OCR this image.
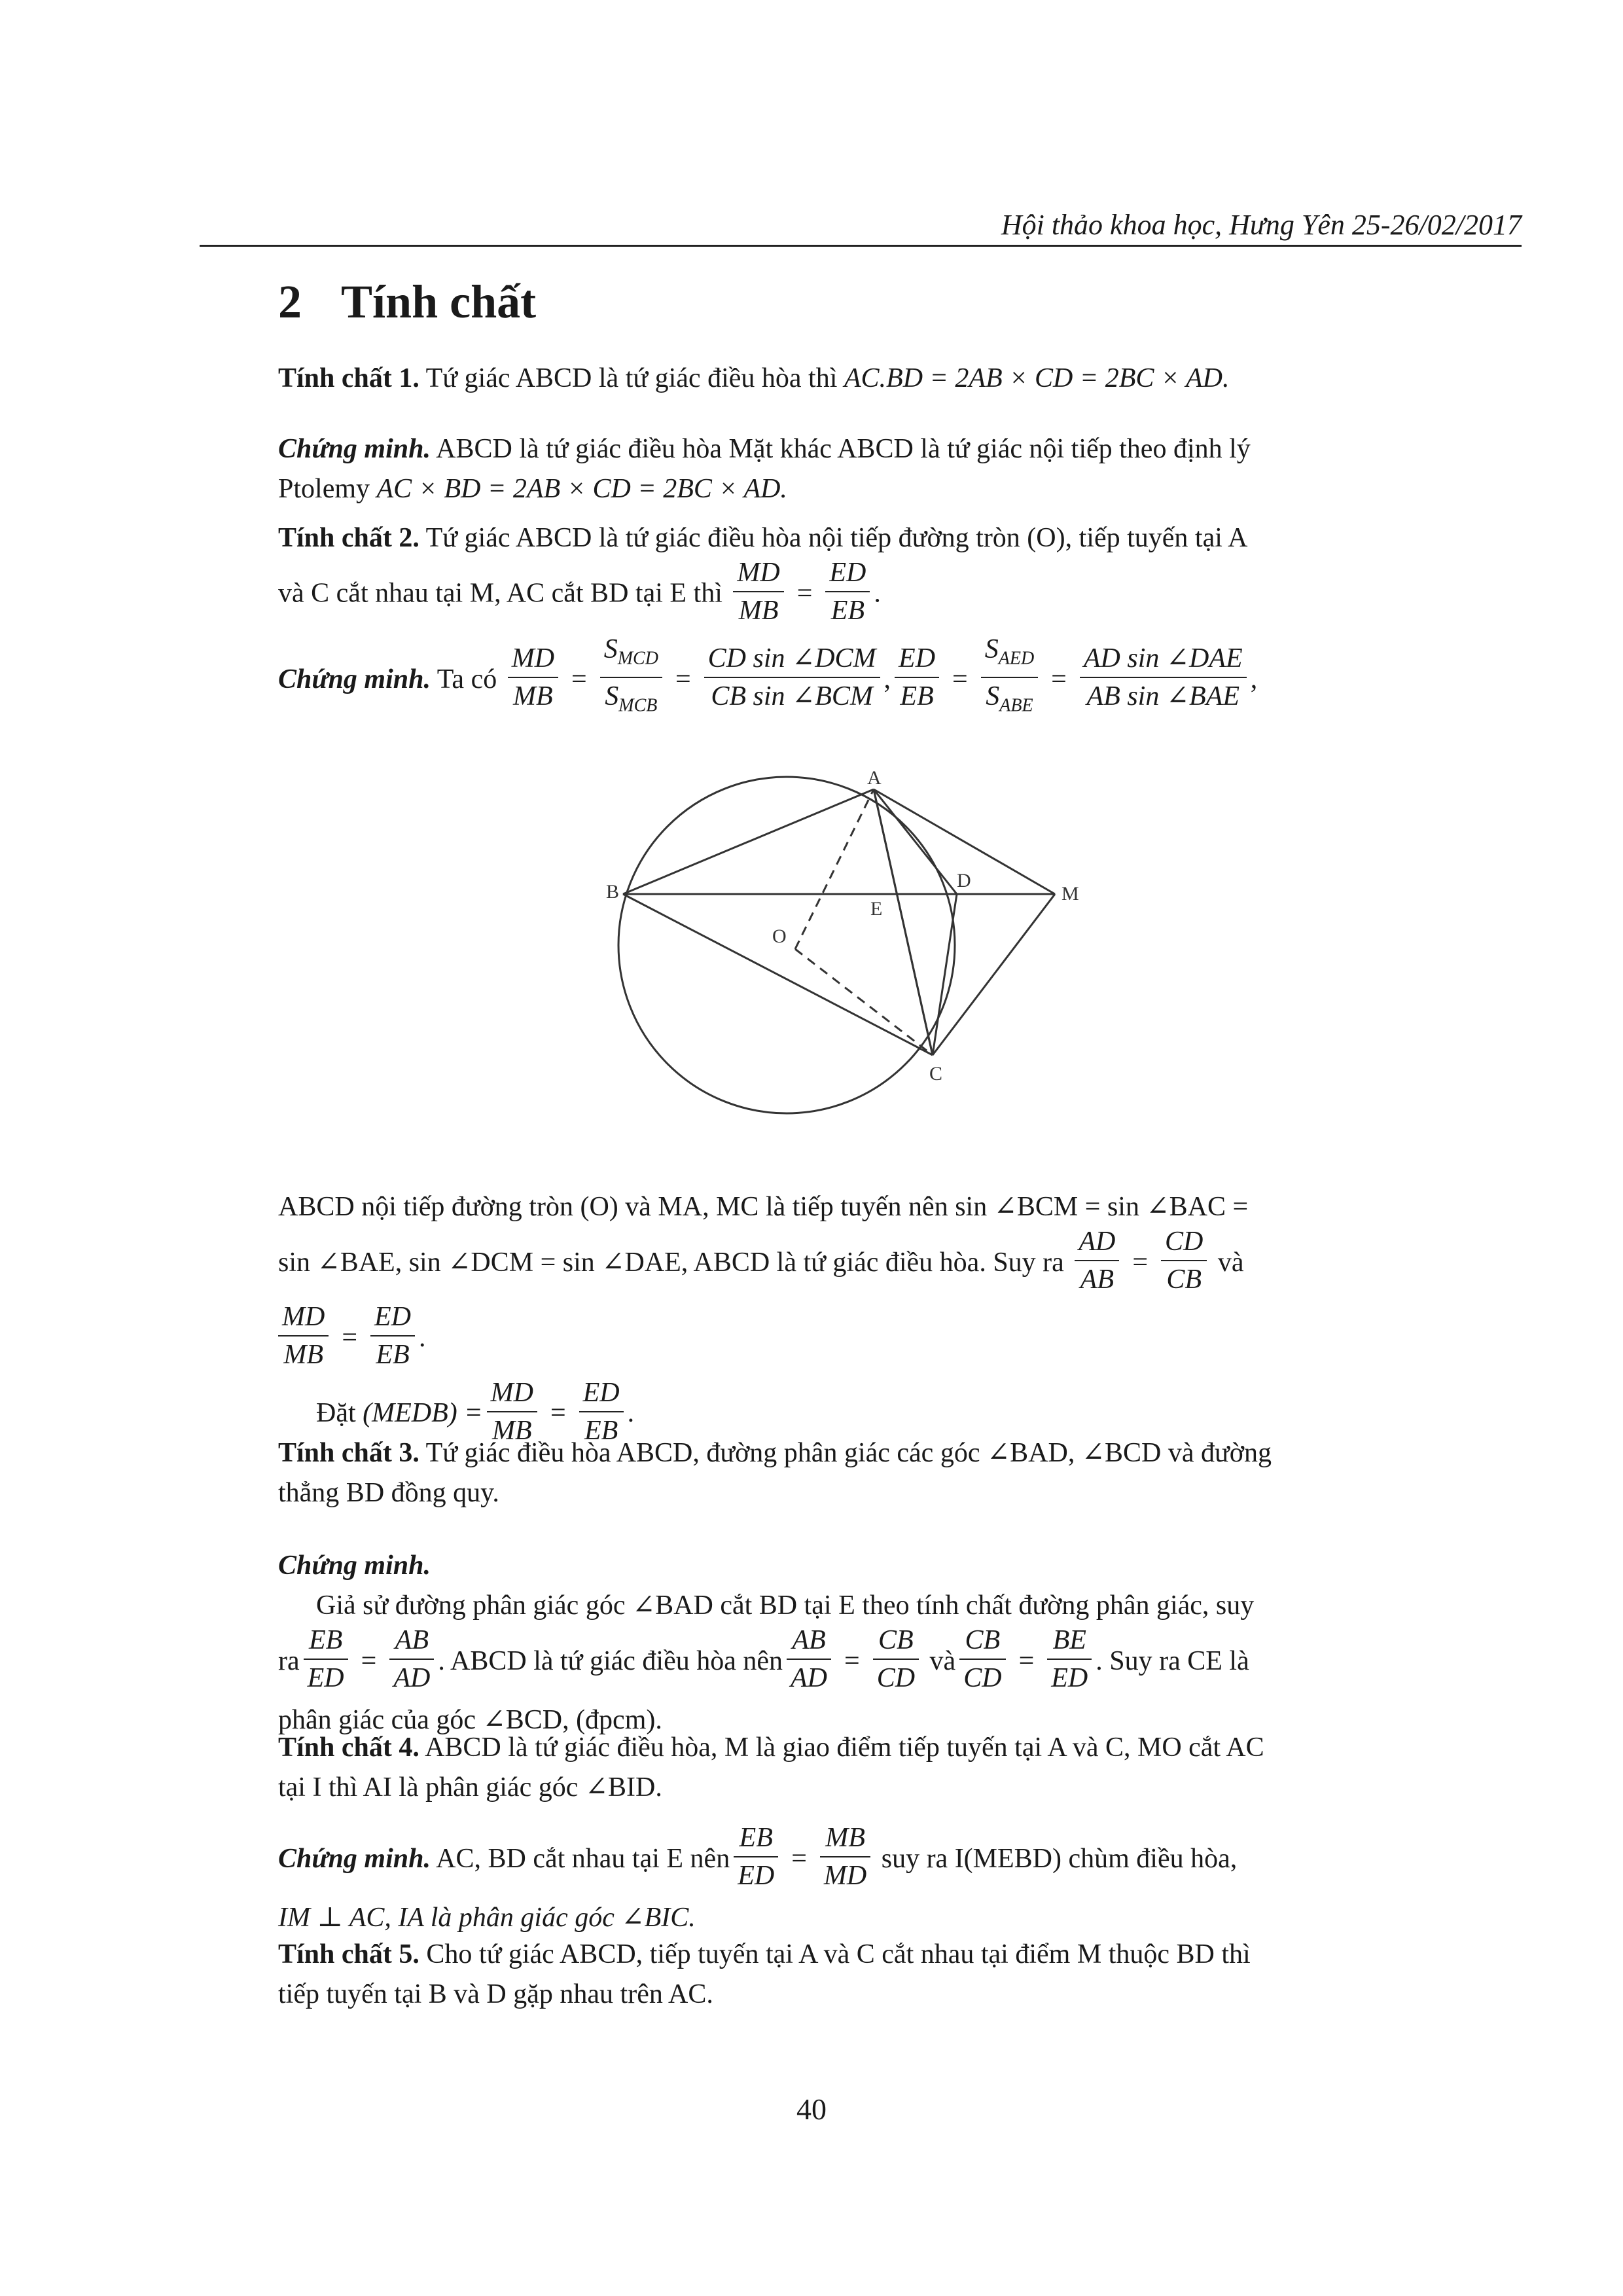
Hội thảo khoa học, Hưng Yên 25-26/02/2017
2 Tính chất
Tính chất 1. Tứ giác ABCD là tứ giác điều hòa thì AC.BD = 2AB × CD = 2BC × AD.
Chứng minh. ABCD là tứ giác điều hòa Mặt khác ABCD là tứ giác nội tiếp theo định lý
Ptolemy AC × BD = 2AB × CD = 2BC × AD.
Tính chất 2. Tứ giác ABCD là tứ giác điều hòa nội tiếp đường tròn (O), tiếp tuyến tại A
và C cắt nhau tại M, AC cắt BD tại E thì $\frac{MD}{MB} = \frac{ED}{EB}$ .
Chứng minh. Ta có $\frac{MD}{MB} = \frac{S_{MCD}}{S_{MCB}} = \frac{\text{CD sin ∠DCM}}{\text{CB sin ∠BCM}}$ , $\frac{ED}{EB} = \frac{S_{AED}}{S_{ABE}} = \frac{\text{AD sin ∠DAE}}{\text{AB sin ∠BAE}}$ ,
A
B
C
D
E
M
O
ABCD nội tiếp đường tròn (O) và MA, MC là tiếp tuyến nên sin ∠BCM = sin ∠BAC =
sin ∠BAE, sin ∠DCM = sin ∠DAE, ABCD là tứ giác điều hòa. Suy ra $\frac{AD}{AB} = \frac{CD}{CB}$ và

$\frac{MD}{MB} = \frac{ED}{EB}$ .
Đặt (MEDB) = $\frac{MD}{MB} = \frac{ED}{EB}$ .
Tính chất 3. Tứ giác điều hòa ABCD, đường phân giác các góc ∠BAD, ∠BCD và đường
thẳng BD đồng quy.
Chứng minh.
Giả sử đường phân giác góc ∠BAD cắt BD tại E theo tính chất đường phân giác, suy
ra $\frac{EB}{ED} = \frac{AB}{AD}$ . ABCD là tứ giác điều hòa nên $\frac{AB}{AD} = \frac{CB}{CD}$ và $\frac{CB}{CD} = \frac{BE}{ED}$ . Suy ra CE là
phân giác của góc ∠BCD, (đpcm).
Tính chất 4. ABCD là tứ giác điều hòa, M là giao điểm tiếp tuyến tại A và C, MO cắt AC
tại I thì AI là phân giác góc ∠BID.
Chứng minh. AC, BD cắt nhau tại E nên $\frac{EB}{ED} = \frac{MB}{MD}$ suy ra I(MEBD) chùm điều hòa,
IM ⊥ AC, IA là phân giác góc ∠BIC.
Tính chất 5. Cho tứ giác ABCD, tiếp tuyến tại A và C cắt nhau tại điểm M thuộc BD thì
tiếp tuyến tại B và D gặp nhau trên AC.
40
